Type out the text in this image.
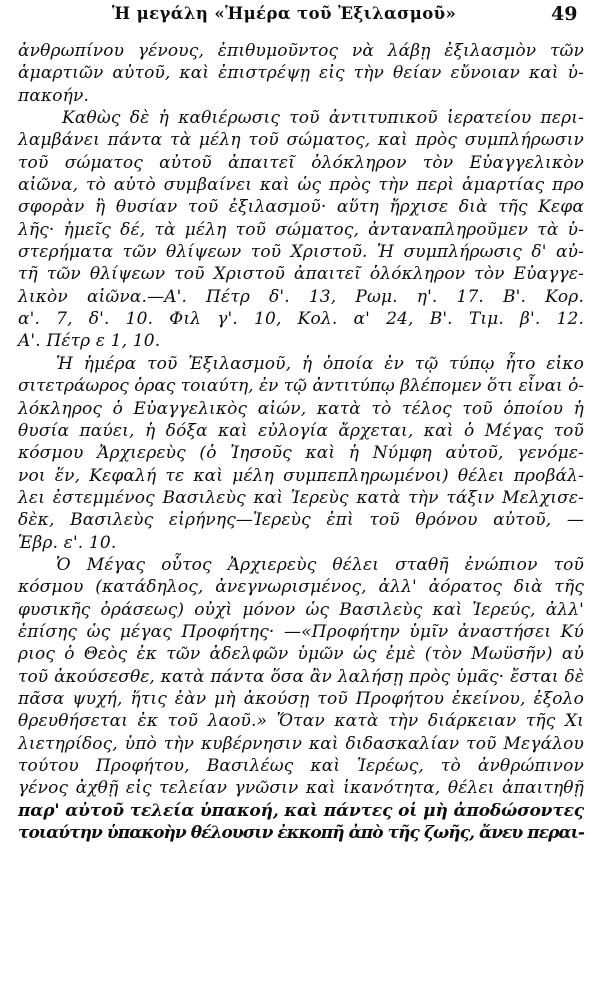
Ἡ μεγάλη «Ἡμέρα τοῦ Ἐξιλασμοῦ»	49
ἀνθρωπίνου γένους, ἐπιθυμοῦντος νὰ λάβῃ ἐξιλασμὸν τῶν
ἁμαρτιῶν αὐτοῦ, καὶ ἐπιστρέψῃ εἰς τὴν θείαν εὔνοιαν καὶ ὑ-
πακοήν.
Καθὼς δὲ ἡ καθιέρωσις τοῦ ἀντιτυπικοῦ ἱερατείου περι-
λαμβάνει πάντα τὰ μέλη τοῦ σώματος, καὶ πρὸς συμπλήρωσιν
τοῦ σώματος αὐτοῦ ἀπαιτεῖ ὁλόκληρον τὸν Εὐαγγελικὸν
αἰῶνα, τὸ αὐτὸ συμβαίνει καὶ ὡς πρὸς τὴν περὶ ἁμαρτίας προ
σφορὰν ἢ θυσίαν τοῦ ἐξιλασμοῦ· αὕτη ἤρχισε διὰ τῆς Κεφα
λῆς· ἡμεῖς δέ, τὰ μέλη τοῦ σώματος, ἀνταναπληροῦμεν τὰ ὑ-
στερήματα τῶν θλίψεων τοῦ Χριστοῦ. Ἡ συμπλήρωσις δ' αὐ-
τῆ τῶν θλίψεων τοῦ Χριστοῦ ἀπαιτεῖ ὁλόκληρον τὸν Εὐαγγε-
λικὸν αἰῶνα.—Α'. Πέτρ δ'. 13, Ρωμ. η'. 17. Β'. Κορ.
α'. 7, δ'. 10. Φιλ γ'. 10, Κολ. α' 24, Β'. Τιμ. β'. 12.
Α'. Πέτρ ε 1, 10.
Ἡ ἡμέρα τοῦ Ἐξιλασμοῦ, ἡ ὁποία ἐν τῷ τύπῳ ἦτο εἰκο
σιτετράωρος ὁρας τοιαύτη, ἐν τῷ ἀντιτύπῳ βλέπομεν ὅτι εἶναι ὁ-
λόκληρος ὁ Εὐαγγελικὸς αἰών, κατὰ τὸ τέλος τοῦ ὁποίου ἡ
θυσία παύει, ἡ δόξα καὶ εὐλογία ἄρχεται, καὶ ὁ Μέγας τοῦ
κόσμου Ἀρχιερεὺς (ὁ Ἰησοῦς καὶ ἡ Νύμφη αὐτοῦ, γενόμε-
νοι ἕν, Κεφαλή τε καὶ μέλη συμπεπληρωμένοι) θέλει προβάλ-
λει ἐστεμμένος Βασιλεὺς καὶ Ἱερεὺς κατὰ τὴν τάξιν Μελχισε-
δὲκ, Βασιλεὺς εἰρήνης—Ἱερεὺς ἐπὶ τοῦ θρόνου αὐτοῦ, —
Ἑβρ. ε'. 10.
Ὁ Μέγας οὗτος Ἀρχιερεὺς θέλει σταθῆ ἐνώπιον τοῦ
κόσμου (κατάδηλος, ἀνεγνωρισμένος, ἀλλ' ἀόρατος διὰ τῆς
φυσικῆς ὁράσεως) οὐχὶ μόνον ὡς Βασιλεὺς καὶ Ἱερεύς, ἀλλ'
ἐπίσης ὡς μέγας Προφήτης· —«Προφήτην ὑμῖν ἀναστήσει Κύ
ριος ὁ Θεὸς ἐκ τῶν ἀδελφῶν ὑμῶν ὡς ἐμὲ (τὸν Μωϋσῆν) αὐ
τοῦ ἀκούσεσθε, κατὰ πάντα ὅσα ἂν λαλήσῃ πρὸς ὑμᾶς· ἔσται δὲ
πᾶσα ψυχή, ἥτις ἐὰν μὴ ἀκούσῃ τοῦ Προφήτου ἐκείνου, ἐξολο
θρευθήσεται ἐκ τοῦ λαοῦ.» Ὅταν κατὰ τὴν διάρκειαν τῆς Χι
λιετηρίδος, ὑπὸ τὴν κυβέρνησιν καὶ διδασκαλίαν τοῦ Μεγάλου
τούτου Προφήτου, Βασιλέως καὶ Ἱερέως, τὸ ἀνθρώπινον
γένος ἀχθῇ εἰς τελείαν γνῶσιν καὶ ἱκανότητα, θέλει ἀπαιτηθῇ
παρ' αὐτοῦ τελεία ὑπακοή, καὶ πάντες οἱ μὴ ἀποδώσοντες
τοιαύτην ὑπακοὴν θέλουσιν ἐκκοπῆ ἀπὸ τῆς ζωῆς, ἄνευ περαι-
